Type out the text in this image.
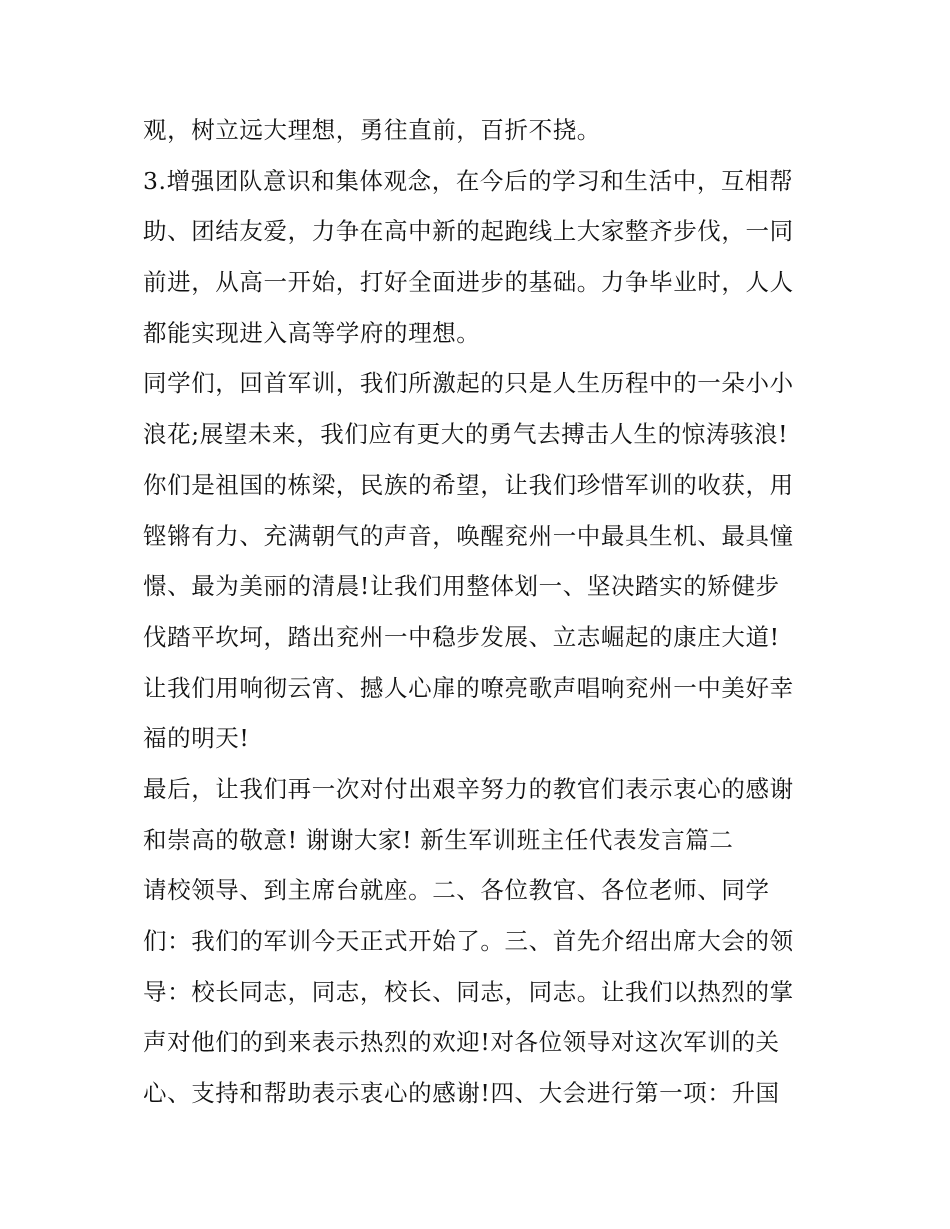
观，树立远大理想，勇往直前，百折不挠。
3.增强团队意识和集体观念，在今后的学习和生活中，互相帮
助、团结友爱，力争在高中新的起跑线上大家整齐步伐，一同
前进，从高一开始，打好全面进步的基础。力争毕业时，人人
都能实现进入高等学府的理想。
同学们，回首军训，我们所激起的只是人生历程中的一朵小小
浪花;展望未来，我们应有更大的勇气去搏击人生的惊涛骇浪!
你们是祖国的栋梁，民族的希望，让我们珍惜军训的收获，用
铿锵有力、充满朝气的声音，唤醒兖州一中最具生机、最具憧
憬、最为美丽的清晨!让我们用整体划一、坚决踏实的矫健步
伐踏平坎坷，踏出兖州一中稳步发展、立志崛起的康庄大道!
让我们用响彻云宵、撼人心扉的嘹亮歌声唱响兖州一中美好幸
福的明天!
最后，让我们再一次对付出艰辛努力的教官们表示衷心的感谢
和崇高的敬意! 谢谢大家! 新生军训班主任代表发言篇二
请校领导、到主席台就座。二、各位教官、各位老师、同学
们：我们的军训今天正式开始了。三、首先介绍出席大会的领
导：校长同志，同志，校长、同志，同志。让我们以热烈的掌
声对他们的到来表示热烈的欢迎!对各位领导对这次军训的关
心、支持和帮助表示衷心的感谢!四、大会进行第一项：升国
